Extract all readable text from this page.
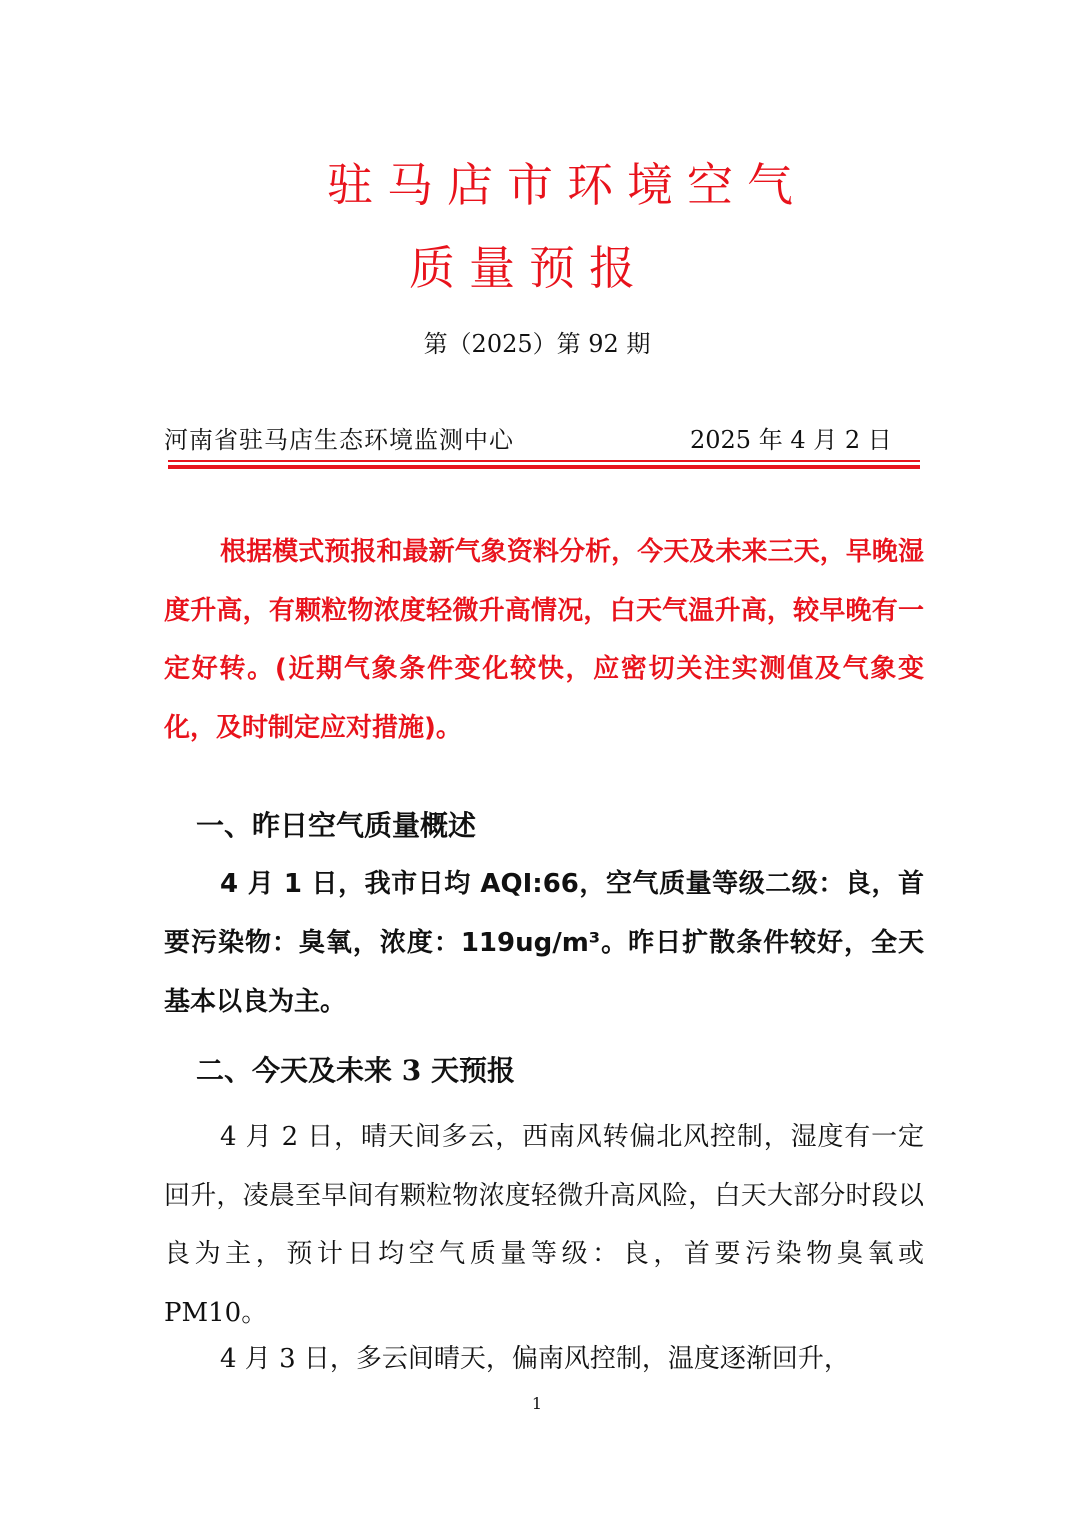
驻马店市环境空气
质量预报
第（2025）第 92 期
河南省驻马店生态环境监测中心	2025 年 4 月 2 日

根据模式预报和最新气象资料分析，今天及未来三天，早晚湿度升高，有颗粒物浓度轻微升高情况，白天气温升高，较早晚有一定好转。(近期气象条件变化较快，应密切关注实测值及气象变化，及时制定应对措施)。

一、昨日空气质量概述

4 月 1 日，我市日均 AQI:66，空气质量等级二级：良，首要污染物：臭氧，浓度：119ug/m³。昨日扩散条件较好，全天基本以良为主。

二、今天及未来 3 天预报

4 月 2 日，晴天间多云，西南风转偏北风控制，湿度有一定回升，凌晨至早间有颗粒物浓度轻微升高风险，白天大部分时段以良为主，预计日均空气质量等级：良，首要污染物臭氧或 PM10。

4 月 3 日，多云间晴天，偏南风控制，温度逐渐回升，

1
